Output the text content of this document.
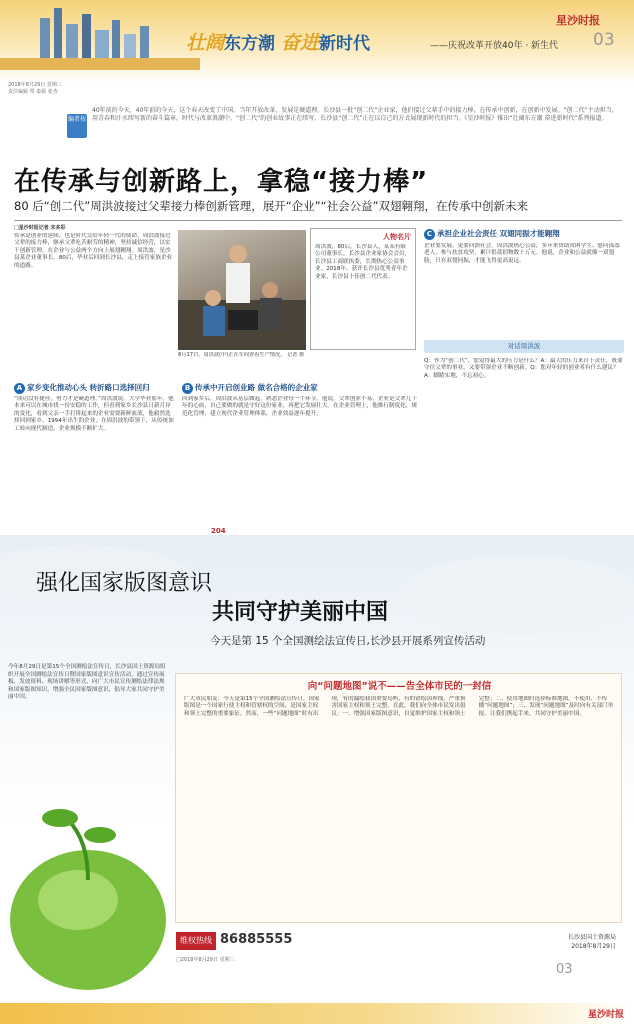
壮阔东方潮 奋进新时代	——庆祝改革开放40年 · 新生代
星沙时报
03
2018年8月29日 星期三
责任编辑 覃 泰源 张杏
编者按
40年前的今天，40年前的今天，这个春天改变了中国。当年开放改革，发展是硬道理。长沙县一批“创二代”企业家，他们接过父辈手中的接力棒，在传承中创新，在创新中发展。“创二代”主动担当，用青春和汗水续写新的奋斗篇章。时代与改革浪潮中，“创二代”的创业故事正在续写，长沙县“创二代”正在以自己的方式展现新时代的担当。《星沙时报》推出“壮阔东方潮 奋进新时代”系列报道。
在传承与创新路上，拿稳“接力棒”
80 后“创二代”周洪波接过父辈接力棒创新管理，展开“企业”“社会公益”双翅翱翔，在传承中创新未来
□星沙时报记者 宋多彩
传承是创业的延续，也是时代交给年轻一代的使命。周洪波接过父辈的接力棒，继承父辈吃苦耐劳的精神，坚持诚信经营，以实干创新管理，在企业与公益两个方向上展翅翱翔。周洪波，星沙县某企业董事长，80后，毕业后回到长沙县，走上接管家族企业的道路。
8月17日，周洪波(中)正在车间查看生产情况。 记者 摄
人物名片
周洪波，80后，长沙县人。某某有限公司董事长，长沙县企业家协会会员，长沙县工商联执委，长期热心公益事业。2018年，获评长沙县优秀青年企业家，长沙县十佳创二代代表。
A 家乡变化推动心头 转折路口选择回归
“成功没有捷径，努力才是硬道理。”周洪波说。大学毕业那年，他本来可以在城市找一份安稳的工作，但看到家乡长沙县日新月异的变化，看到父亲一手打拼起来的企业需要新鲜血液，他毅然选择回到家乡。1994年出生的企业，在周洪波的带领下，从传统加工转向现代制造，企业规模不断扩大。
B 传承中开启创业路 做名合格的企业家
回到家乡后，周洪波从基层做起，熟悉企业每一个环节。他说，父辈创业不易，企业是父辈几十年的心血，自己要做的就是守好这份家业，再把它发展壮大。在企业管理上，他推行制度化、规范化管理，建立现代企业管理体系，企业效益逐年提升。
204
C 承担企业社会责任 双翅同振才能翱翔
企业要发展，更要回馈社会。周洪波热心公益，多年来资助贫困学生、慰问孤寡老人、参与扶贫攻坚，累计捐款捐物数十万元。他说，企业和公益就像一双翅膀，只有双翅同振，才能飞得更高更远。
对话周洪波
Q：作为“创二代”，您觉得最大的压力是什么？A：最大的压力来自于责任，既要守住父辈的事业，又要带领企业不断创新。Q：您对年轻的创业者有什么建议？A：脚踏实地，不忘初心。
强化国家版图意识
共同守护美丽中国
今天是第 15 个全国测绘法宣传日,长沙县开展系列宣传活动
今年8月29日是第15个全国测绘法宣传日，长沙县国土资源局组织开展全国测绘法宣传日暨国家版图意识宣传活动，通过宣传展板、发放资料、现场讲解等形式，向广大市民宣传测绘法律法规和国家版图知识，增强全民国家版图意识，倡导大家共同守护美丽中国。
向“问题地图”说不——告全体市民的一封信
广大市民朋友：今天是第15个全国测绘法宣传日，国家版图是一个国家行使主权和管辖权的空间，是国家主权和领土完整的重要象征。然而，一些“问题地图”时有出现，有的漏绘我国重要岛屿，有的错绘国界线，严重损害国家主权和领土完整。在此，我们向全体市民发出倡议：一、增强国家版图意识，自觉维护国家主权和领土完整；二、使用地图时选择标准地图，不使用、不传播“问题地图”；三、发现“问题地图”及时向有关部门举报。让我们携起手来，共同守护美丽中国。
维权热线 86885555
□2018年8月29日 星期三
长沙县国土资源局
2018年8月29日
03
星沙时报
